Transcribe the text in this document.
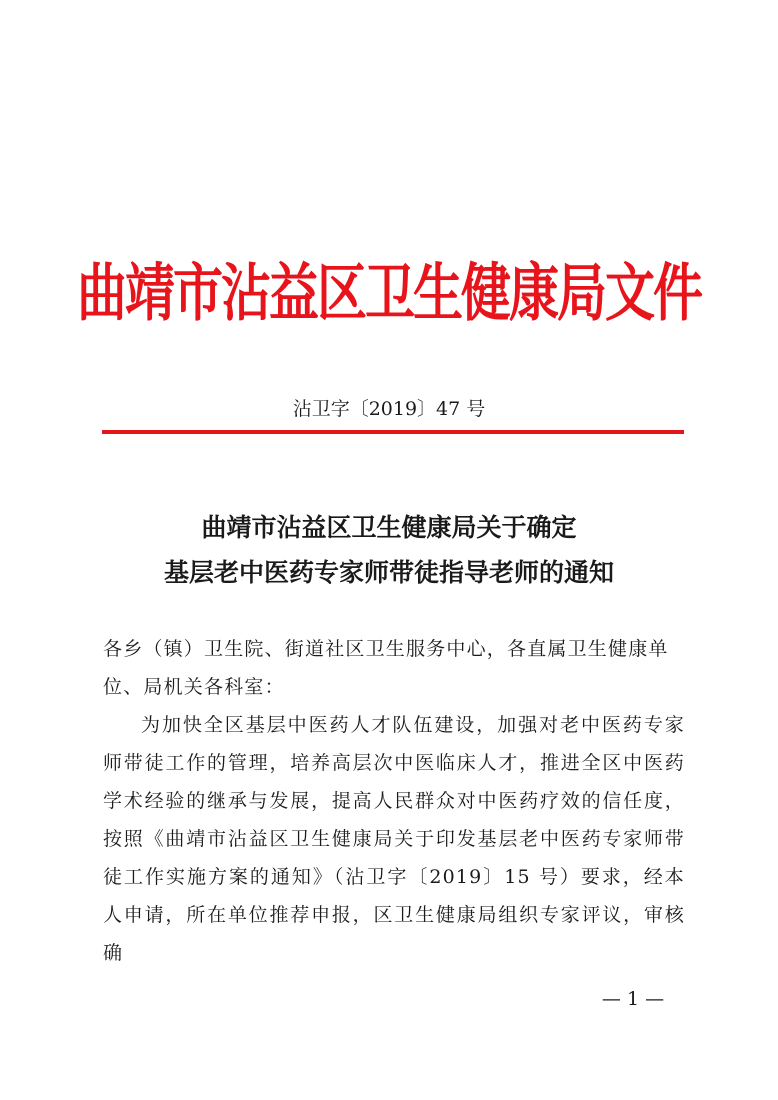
曲靖市沾益区卫生健康局文件
沾卫字〔2019〕47 号
曲靖市沾益区卫生健康局关于确定
基层老中医药专家师带徒指导老师的通知
各乡（镇）卫生院、街道社区卫生服务中心，各直属卫生健康单位、局机关各科室：
为加快全区基层中医药人才队伍建设，加强对老中医药专家师带徒工作的管理，培养高层次中医临床人才，推进全区中医药学术经验的继承与发展，提高人民群众对中医药疗效的信任度，按照《曲靖市沾益区卫生健康局关于印发基层老中医药专家师带徒工作实施方案的通知》（沾卫字〔2019〕15 号）要求，经本人申请，所在单位推荐申报，区卫生健康局组织专家评议，审核确
— 1 —
